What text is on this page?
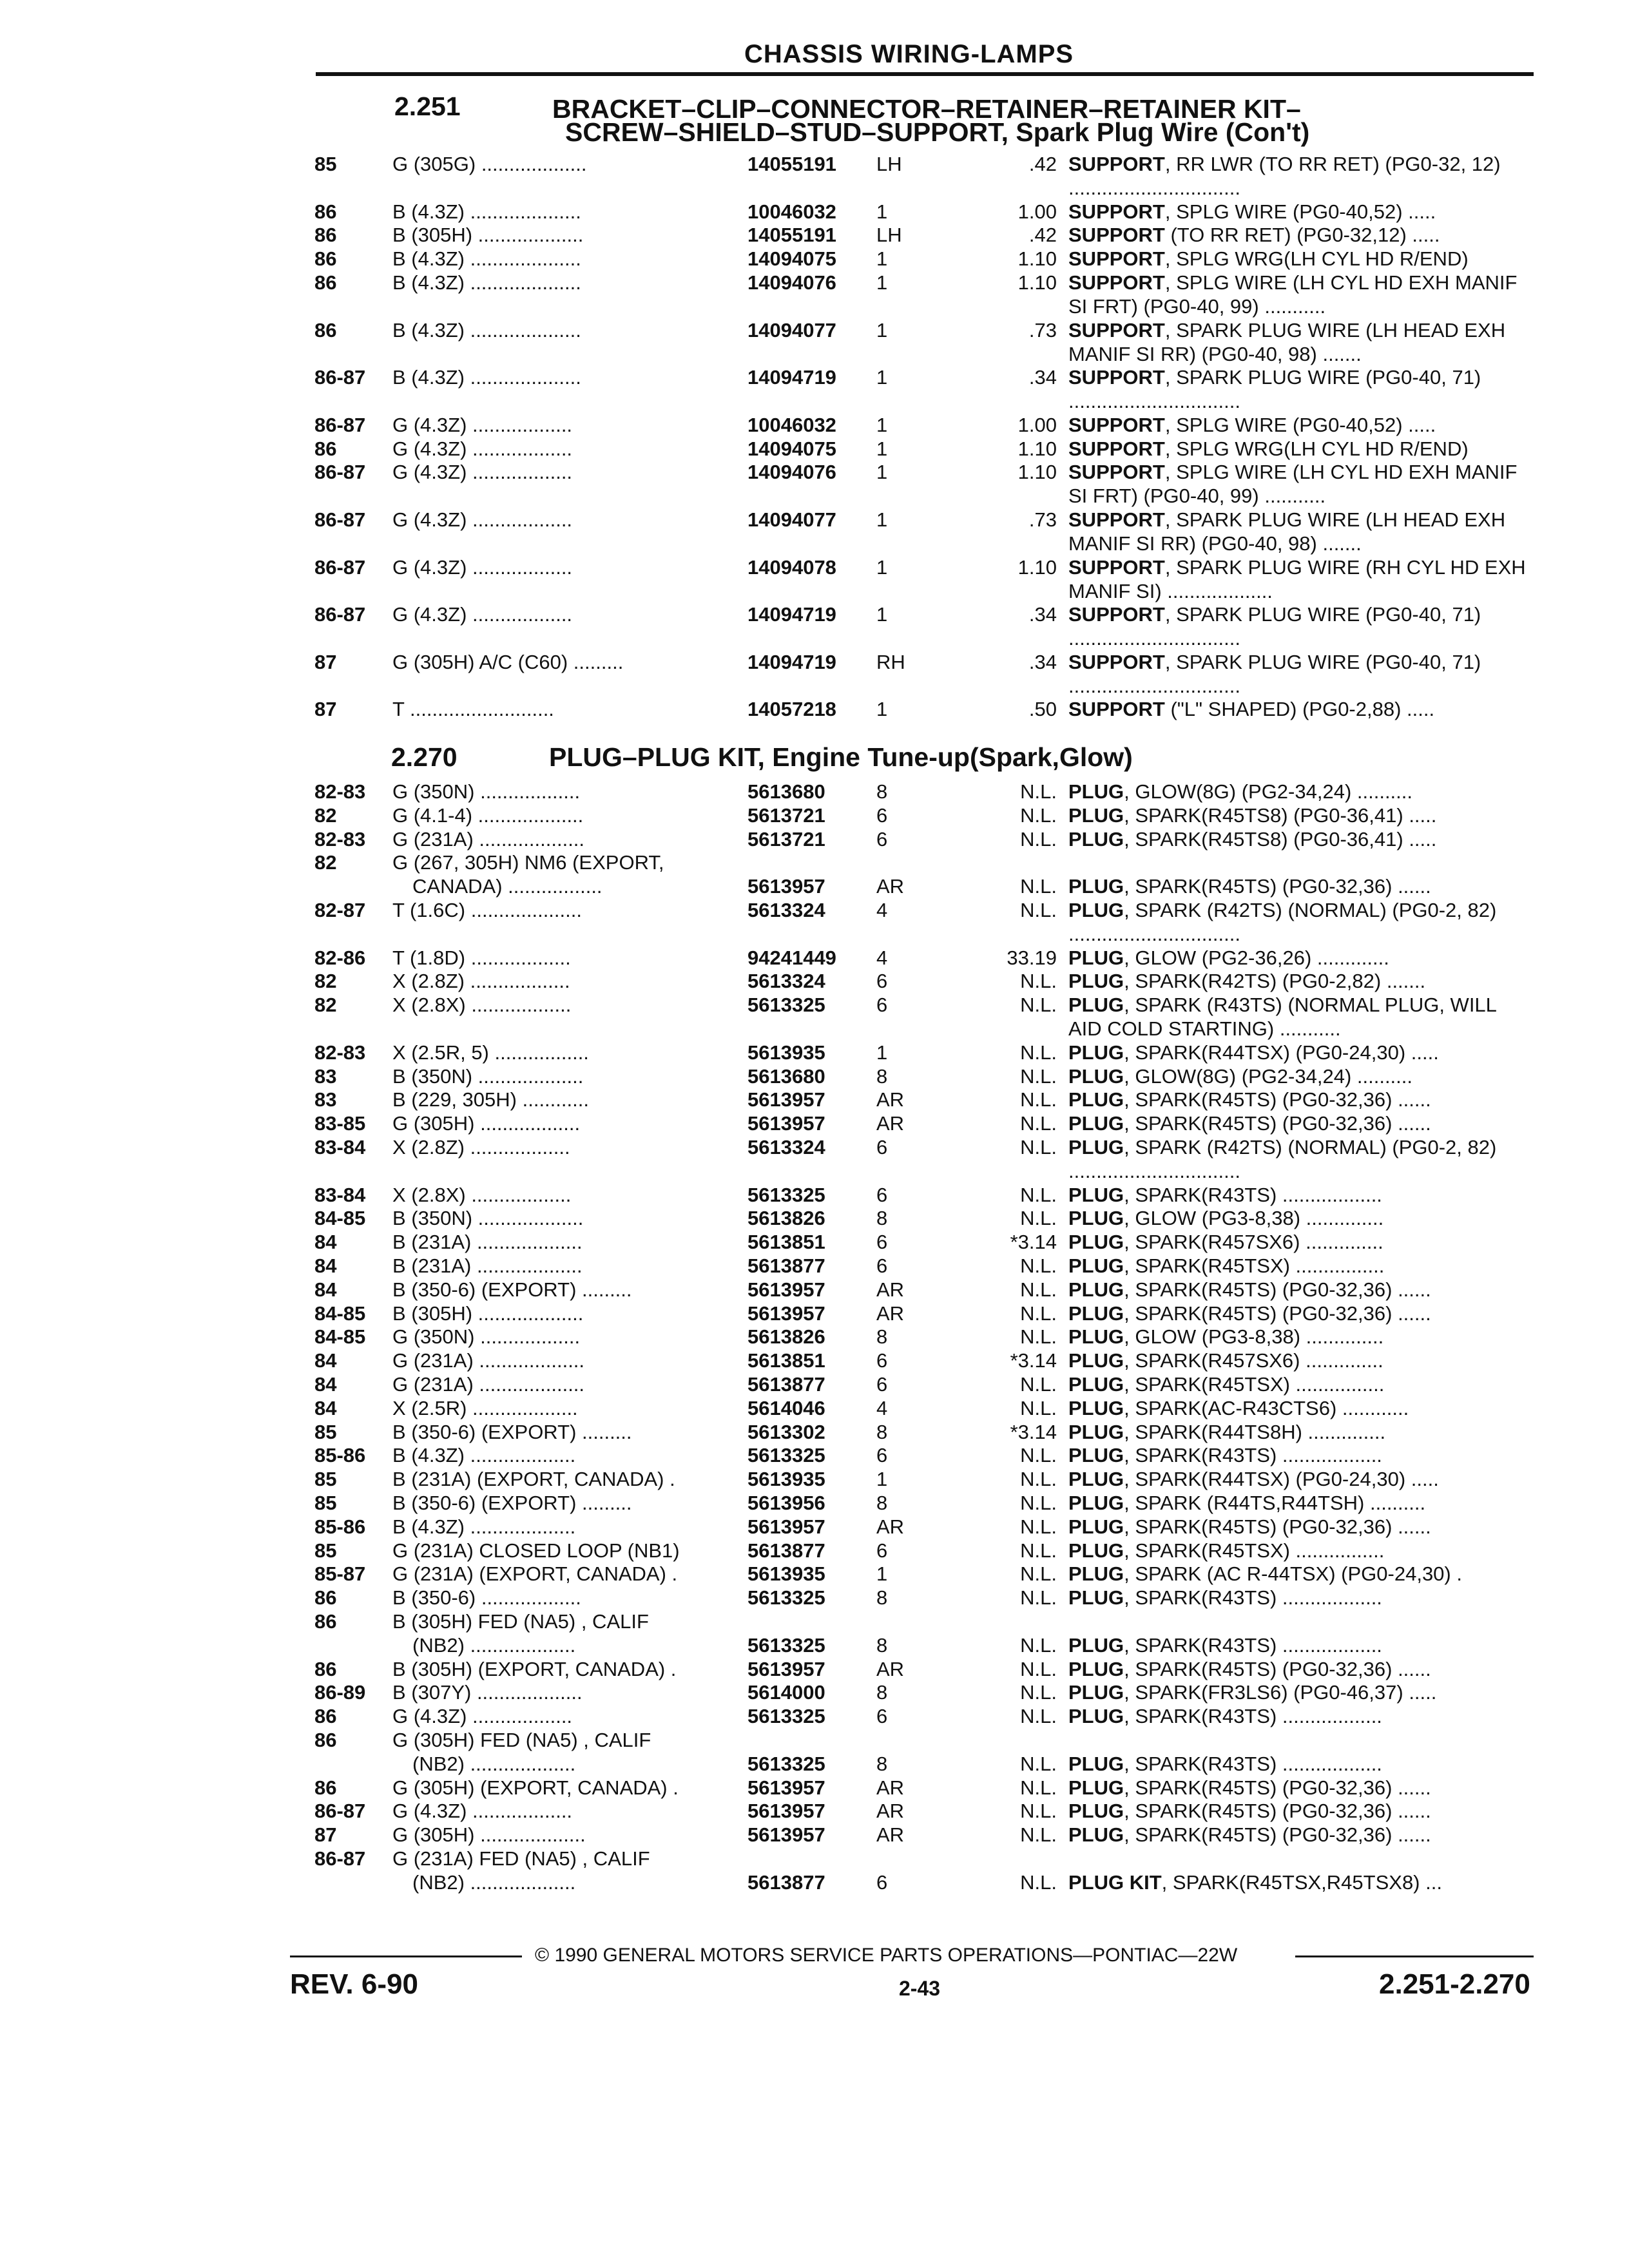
CHASSIS WIRING-LAMPS
2.251	BRACKET–CLIP–CONNECTOR–RETAINER–RETAINER KIT–
SCREW–SHIELD–STUD–SUPPORT, Spark Plug Wire (Con't)
85	G (305G) ...................	14055191 LH	.42 SUPPORT, RR LWR (TO RR RET) (PG0-32, 12) ...............................
86	B (4.3Z) ....................	10046032 1	1.00 SUPPORT, SPLG WIRE (PG0-40,52) .....
86	B (305H) ...................	14055191 LH	.42 SUPPORT (TO RR RET) (PG0-32,12) .....
86	B (4.3Z) ....................	14094075 1	1.10 SUPPORT, SPLG WRG(LH CYL HD R/END)
86	B (4.3Z) ....................	14094076 1	1.10 SUPPORT, SPLG WIRE (LH CYL HD EXH MANIF SI FRT) (PG0-40, 99) ...........
86	B (4.3Z) ....................	14094077 1	.73 SUPPORT, SPARK PLUG WIRE (LH HEAD EXH MANIF SI RR) (PG0-40, 98) .......
86-87 B (4.3Z) ....................	14094719 1	.34 SUPPORT, SPARK PLUG WIRE (PG0-40, 71) ...............................
86-87 G (4.3Z) ..................	10046032 1	1.00 SUPPORT, SPLG WIRE (PG0-40,52) .....
86	G (4.3Z) ..................	14094075 1	1.10 SUPPORT, SPLG WRG(LH CYL HD R/END)
86-87 G (4.3Z) ..................	14094076 1	1.10 SUPPORT, SPLG WIRE (LH CYL HD EXH MANIF SI FRT) (PG0-40, 99) ...........
86-87 G (4.3Z) ..................	14094077 1	.73 SUPPORT, SPARK PLUG WIRE (LH HEAD EXH MANIF SI RR) (PG0-40, 98) .......
86-87 G (4.3Z) ..................	14094078 1	1.10 SUPPORT, SPARK PLUG WIRE (RH CYL HD EXH MANIF SI) ...................
86-87 G (4.3Z) ..................	14094719 1	.34 SUPPORT, SPARK PLUG WIRE (PG0-40, 71) ...............................
87	G (305H) A/C (C60) .........	14094719 RH	.34 SUPPORT, SPARK PLUG WIRE (PG0-40, 71) ...............................
87	T ..........................	14057218 1	.50 SUPPORT ("L" SHAPED) (PG0-2,88) .....
2.270	PLUG–PLUG KIT, Engine Tune-up(Spark,Glow)
82-83 G (350N) ..................	5613680	8	N.L. PLUG, GLOW(8G) (PG2-34,24) ..........
82	G (4.1-4) ...................	5613721	6	N.L. PLUG, SPARK(R45TS8) (PG0-36,41) .....
82-83 G (231A) ...................	5613721	6	N.L. PLUG, SPARK(R45TS8) (PG0-36,41) .....
82	G (267, 305H) NM6 (EXPORT,
CANADA) .................	5613957	AR	N.L. PLUG, SPARK(R45TS) (PG0-32,36) ......
82-87 T (1.6C) ....................	5613324	4	N.L. PLUG, SPARK (R42TS) (NORMAL) (PG0-2, 82) ...............................
82-86 T (1.8D) ..................	94241449 4	33.19 PLUG, GLOW (PG2-36,26) .............
82	X (2.8Z) ..................	5613324	6	N.L. PLUG, SPARK(R42TS) (PG0-2,82) .......
82	X (2.8X) ..................	5613325	6	N.L. PLUG, SPARK (R43TS) (NORMAL PLUG, WILL AID COLD STARTING) ...........
82-83 X (2.5R, 5) .................	5613935	1	N.L. PLUG, SPARK(R44TSX) (PG0-24,30) .....
83	B (350N) ...................	5613680	8	N.L. PLUG, GLOW(8G) (PG2-34,24) ..........
83	B (229, 305H) ............	5613957	AR	N.L. PLUG, SPARK(R45TS) (PG0-32,36) ......
83-85 G (305H) ..................	5613957	AR	N.L. PLUG, SPARK(R45TS) (PG0-32,36) ......
83-84 X (2.8Z) ..................	5613324	6	N.L. PLUG, SPARK (R42TS) (NORMAL) (PG0-2, 82) ...............................
83-84 X (2.8X) ..................	5613325	6	N.L. PLUG, SPARK(R43TS) ..................
84-85 B (350N) ...................	5613826	8	N.L. PLUG, GLOW (PG3-8,38) ..............
84	B (231A) ...................	5613851	6	*3.14 PLUG, SPARK(R457SX6) ..............
84	B (231A) ...................	5613877	6	N.L. PLUG, SPARK(R45TSX) ................
84	B (350-6) (EXPORT) .........	5613957	AR	N.L. PLUG, SPARK(R45TS) (PG0-32,36) ......
84-85 B (305H) ...................	5613957	AR	N.L. PLUG, SPARK(R45TS) (PG0-32,36) ......
84-85 G (350N) ..................	5613826	8	N.L. PLUG, GLOW (PG3-8,38) ..............
84	G (231A) ...................	5613851	6	*3.14 PLUG, SPARK(R457SX6) ..............
84	G (231A) ...................	5613877	6	N.L. PLUG, SPARK(R45TSX) ................
84	X (2.5R) ...................	5614046	4	N.L. PLUG, SPARK(AC-R43CTS6) ............
85	B (350-6) (EXPORT) .........	5613302	8	*3.14 PLUG, SPARK(R44TS8H) ..............
85-86 B (4.3Z) ...................	5613325	6	N.L. PLUG, SPARK(R43TS) ..................
85	B (231A) (EXPORT, CANADA) .	5613935	1	N.L. PLUG, SPARK(R44TSX) (PG0-24,30) .....
85	B (350-6) (EXPORT) .........	5613956	8	N.L. PLUG, SPARK (R44TS,R44TSH) ..........
85-86 B (4.3Z) ...................	5613957	AR	N.L. PLUG, SPARK(R45TS) (PG0-32,36) ......
85	G (231A) CLOSED LOOP (NB1)	5613877	6	N.L. PLUG, SPARK(R45TSX) ................
85-87 G (231A) (EXPORT, CANADA) .	5613935	1	N.L. PLUG, SPARK (AC R-44TSX) (PG0-24,30) .
86	B (350-6) ..................	5613325	8	N.L. PLUG, SPARK(R43TS) ..................
86	B (305H) FED (NA5) , CALIF
(NB2) ...................	5613325	8	N.L. PLUG, SPARK(R43TS) ..................
86	B (305H) (EXPORT, CANADA) .	5613957	AR	N.L. PLUG, SPARK(R45TS) (PG0-32,36) ......
86-89 B (307Y) ...................	5614000	8	N.L. PLUG, SPARK(FR3LS6) (PG0-46,37) .....
86	G (4.3Z) ..................	5613325	6	N.L. PLUG, SPARK(R43TS) ..................
86	G (305H) FED (NA5) , CALIF
(NB2) ...................	5613325	8	N.L. PLUG, SPARK(R43TS) ..................
86	G (305H) (EXPORT, CANADA) .	5613957	AR	N.L. PLUG, SPARK(R45TS) (PG0-32,36) ......
86-87 G (4.3Z) ..................	5613957	AR	N.L. PLUG, SPARK(R45TS) (PG0-32,36) ......
87	G (305H) ...................	5613957	AR	N.L. PLUG, SPARK(R45TS) (PG0-32,36) ......
86-87 G (231A) FED (NA5) , CALIF
(NB2) ...................	5613877	6	N.L. PLUG KIT, SPARK(R45TSX,R45TSX8) ...
© 1990 GENERAL MOTORS SERVICE PARTS OPERATIONS—PONTIAC—22W
REV. 6-90	2-43	2.251-2.270
